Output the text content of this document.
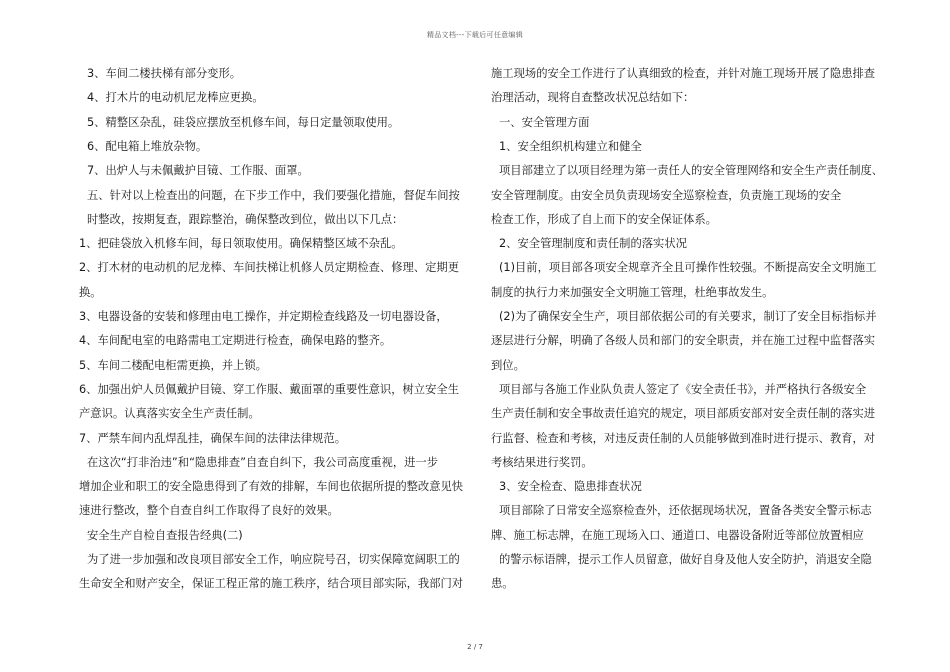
精品文档---下载后可任意编辑
3、车间二楼扶梯有部分变形。
4、打木片的电动机尼龙棒应更换。
5、精整区杂乱，硅袋应摆放至机修车间，每日定量领取使用。
6、配电箱上堆放杂物。
7、出炉人与未佩戴护目镜、工作服、面罩。
五、针对以上检查出的问题，在下步工作中，我们要强化措施，督促车间按
时整改，按期复查，跟踪整治，确保整改到位，做出以下几点：
1、把硅袋放入机修车间，每日领取使用。确保精整区域不杂乱。
2、打木材的电动机的尼龙棒、车间扶梯让机修人员定期检查、修理、定期更
换。
3、电器设备的安装和修理由电工操作，并定期检查线路及一切电器设备，
4、车间配电室的电路需电工定期进行检查，确保电路的整齐。
5、车间二楼配电柜需更换，并上锁。
6、加强出炉人员佩戴护目镜、穿工作服、戴面罩的重要性意识，树立安全生
产意识。认真落实安全生产责任制。
7、严禁车间内乱焊乱挂，确保车间的法律法律规范。
在这次“打非治违”和“隐患排查”自查自纠下，我公司高度重视，进一步
增加企业和职工的安全隐患得到了有效的排解，车间也依据所提的整改意见快
速进行整改，整个自查自纠工作取得了良好的效果。
安全生产自检自查报告经典(二)
为了进一步加强和改良项目部安全工作，响应院号召，切实保障宽阔职工的
生命安全和财产安全，保证工程正常的施工秩序，结合项目部实际，我部门对
施工现场的安全工作进行了认真细致的检查，并针对施工现场开展了隐患排查
治理活动，现将自查整改状况总结如下：
一、安全管理方面
1、安全组织机构建立和健全
项目部建立了以项目经理为第一责任人的安全管理网络和安全生产责任制度、
安全管理制度。由安全员负责现场安全巡察检查，负责施工现场的安全
检查工作，形成了自上而下的安全保证体系。
2、安全管理制度和责任制的落实状况
(1)目前，项目部各项安全规章齐全且可操作性较强。不断提高安全文明施工
制度的执行力来加强安全文明施工管理，杜绝事故发生。
(2)为了确保安全生产，项目部依据公司的有关要求，制订了安全目标指标并
逐层进行分解，明确了各级人员和部门的安全职责，并在施工过程中监督落实
到位。
项目部与各施工作业队负责人签定了《安全责任书》，并严格执行各级安全
生产责任制和安全事故责任追究的规定，项目部质安部对安全责任制的落实进
行监督、检查和考核，对违反责任制的人员能够做到准时进行提示、教育，对
考核结果进行奖罚。
3、安全检查、隐患排查状况
项目部除了日常安全巡察检查外，还依据现场状况，置备各类安全警示标志
牌、施工标志牌，在施工现场入口、通道口、电器设备附近等部位放置相应
的警示标语牌，提示工作人员留意，做好自身及他人安全防护，消退安全隐
患。
2 / 7
